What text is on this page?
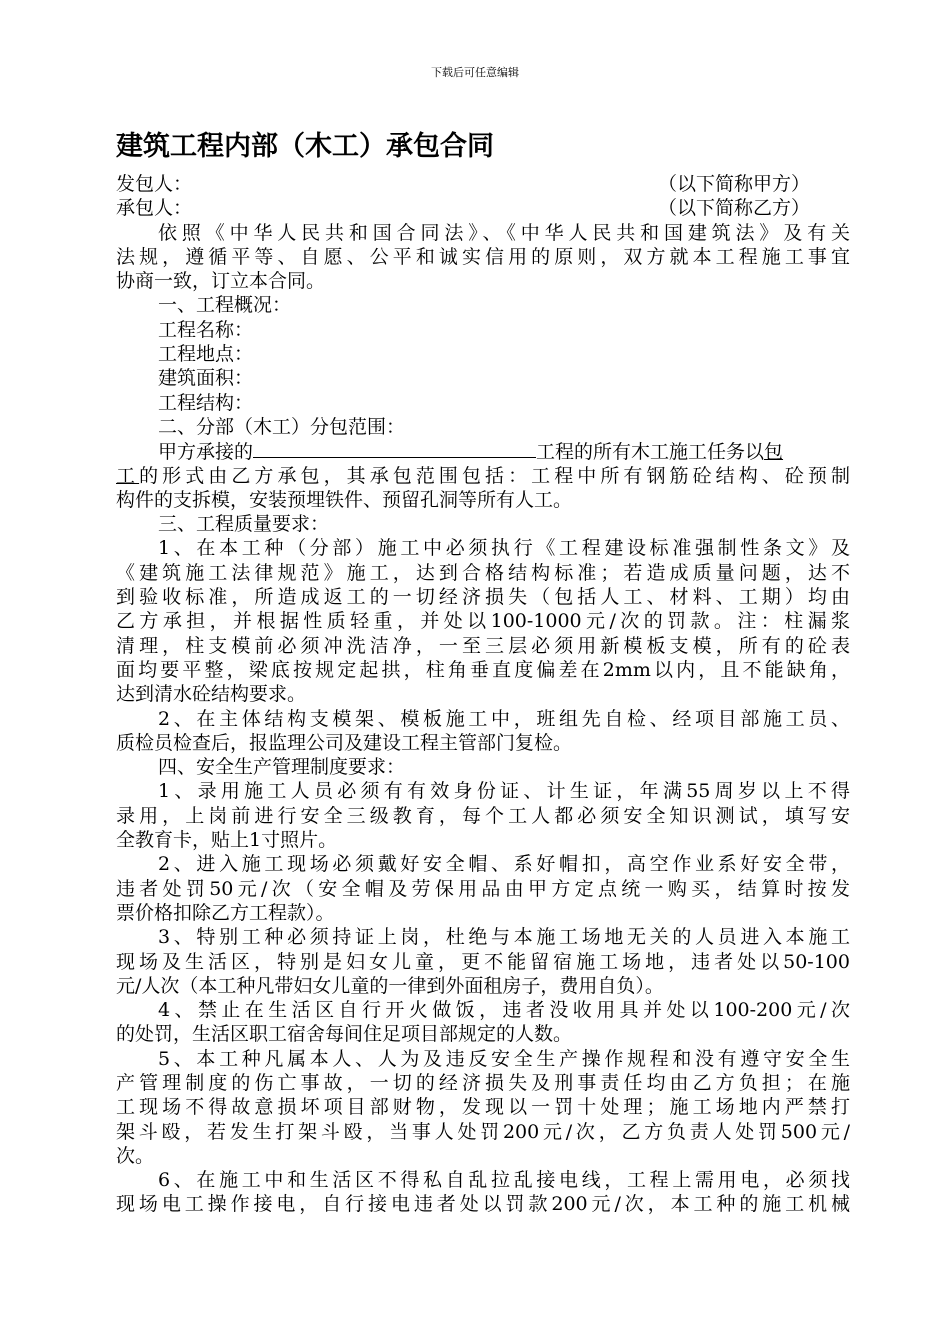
下载后可任意编辑
建筑工程内部（木工）承包合同
发包人：	（以下简称甲方）
承包人：	（以下简称乙方）
依照《中华人民共和国合同法》、《中华人民共和国建筑法》及有关
法规，遵循平等、自愿、公平和诚实信用的原则，双方就本工程施工事宜
协商一致，订立本合同。
一、工程概况：
工程名称：
工程地点：
建筑面积：
工程结构：
二、分部（木工）分包范围：
甲方承接的	工程的所有木工施工任务以包
工的形式由乙方承包，其承包范围包括：工程中所有钢筋砼结构、砼预制
构件的支拆模，安装预埋铁件、预留孔洞等所有人工。
三、工程质量要求：
1、在本工种（分部）施工中必须执行《工程建设标准强制性条文》及
《建筑施工法律规范》施工，达到合格结构标准；若造成质量问题，达不
到验收标准，所造成返工的一切经济损失（包括人工、材料、工期）均由
乙方承担，并根据性质轻重，并处以100-1000元/次的罚款。注：柱漏浆
清理，柱支模前必须冲洗洁净，一至三层必须用新模板支模，所有的砼表
面均要平整，梁底按规定起拱，柱角垂直度偏差在2mm以内，且不能缺角，
达到清水砼结构要求。
2、在主体结构支模架、模板施工中，班组先自检、经项目部施工员、
质检员检查后，报监理公司及建设工程主管部门复检。
四、安全生产管理制度要求：
1、录用施工人员必须有有效身份证、计生证，年满55周岁以上不得
录用，上岗前进行安全三级教育，每个工人都必须安全知识测试，填写安
全教育卡，贴上1寸照片。
2、进入施工现场必须戴好安全帽、系好帽扣，高空作业系好安全带，
违者处罚50元/次（安全帽及劳保用品由甲方定点统一购买，结算时按发
票价格扣除乙方工程款）。
3、特别工种必须持证上岗，杜绝与本施工场地无关的人员进入本施工
现场及生活区，特别是妇女儿童，更不能留宿施工场地，违者处以50-100
元/人次（本工种凡带妇女儿童的一律到外面租房子，费用自负）。
4、禁止在生活区自行开火做饭，违者没收用具并处以100-200元/次
的处罚，生活区职工宿舍每间住足项目部规定的人数。
5、本工种凡属本人、人为及违反安全生产操作规程和没有遵守安全生
产管理制度的伤亡事故，一切的经济损失及刑事责任均由乙方负担；在施
工现场不得故意损坏项目部财物，发现以一罚十处理；施工场地内严禁打
架斗殴，若发生打架斗殴，当事人处罚200元/次，乙方负责人处罚500元/
次。
6、在施工中和生活区不得私自乱拉乱接电线，工程上需用电，必须找
现场电工操作接电，自行接电违者处以罚款200元/次，本工种的施工机械
